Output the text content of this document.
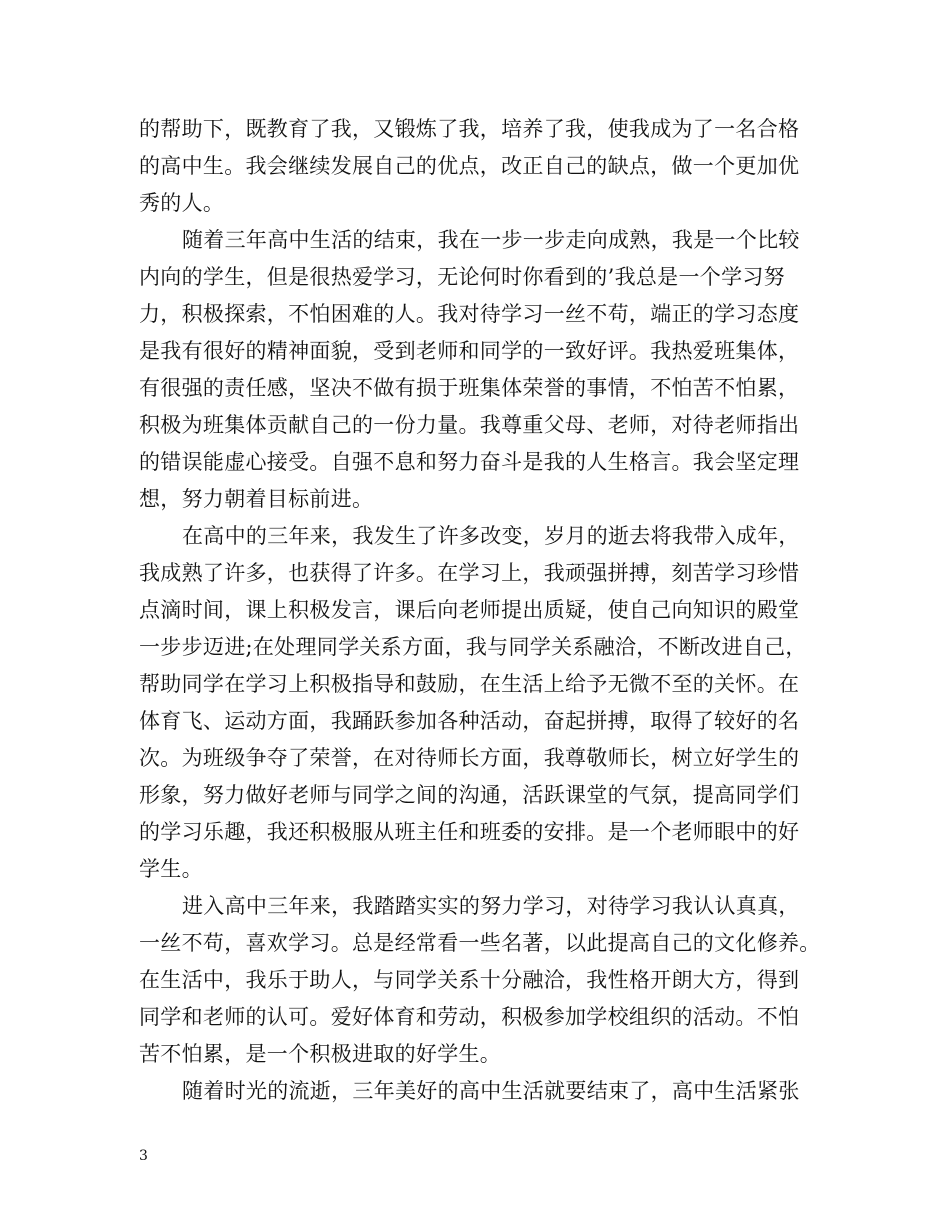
的帮助下，既教育了我，又锻炼了我，培养了我，使我成为了一名合格
的高中生。我会继续发展自己的优点，改正自己的缺点，做一个更加优
秀的人。
随着三年高中生活的结束，我在一步一步走向成熟，我是一个比较
内向的学生，但是很热爱学习，无论何时你看到的’我总是一个学习努
力，积极探索，不怕困难的人。我对待学习一丝不苟，端正的学习态度
是我有很好的精神面貌，受到老师和同学的一致好评。我热爱班集体，
有很强的责任感，坚决不做有损于班集体荣誉的事情，不怕苦不怕累，
积极为班集体贡献自己的一份力量。我尊重父母、老师，对待老师指出
的错误能虚心接受。自强不息和努力奋斗是我的人生格言。我会坚定理
想，努力朝着目标前进。
在高中的三年来，我发生了许多改变，岁月的逝去将我带入成年，
我成熟了许多，也获得了许多。在学习上，我顽强拼搏，刻苦学习珍惜
点滴时间，课上积极发言，课后向老师提出质疑，使自己向知识的殿堂
一步步迈进;在处理同学关系方面，我与同学关系融洽，不断改进自己，
帮助同学在学习上积极指导和鼓励，在生活上给予无微不至的关怀。在
体育飞、运动方面，我踊跃参加各种活动，奋起拼搏，取得了较好的名
次。为班级争夺了荣誉，在对待师长方面，我尊敬师长，树立好学生的
形象，努力做好老师与同学之间的沟通，活跃课堂的气氛，提高同学们
的学习乐趣，我还积极服从班主任和班委的安排。是一个老师眼中的好
学生。
进入高中三年来，我踏踏实实的努力学习，对待学习我认认真真，
一丝不苟，喜欢学习。总是经常看一些名著，以此提高自己的文化修养。
在生活中，我乐于助人，与同学关系十分融洽，我性格开朗大方，得到
同学和老师的认可。爱好体育和劳动，积极参加学校组织的活动。不怕
苦不怕累，是一个积极进取的好学生。
随着时光的流逝，三年美好的高中生活就要结束了，高中生活紧张
3
